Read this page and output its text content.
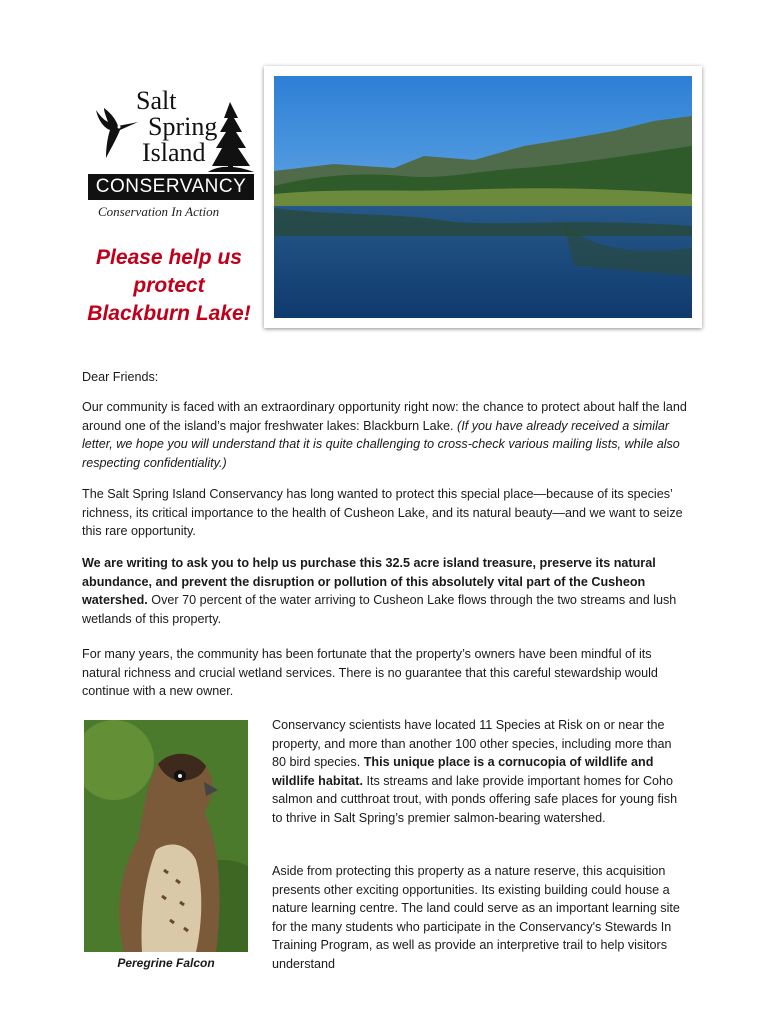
Salt
Spring
Island
CONSERVANCY
Conservation In Action
Please help us
protect
Blackburn Lake!

Dear Friends:

Our community is faced with an extraordinary opportunity right now: the chance to protect about half the land around one of the island’s major freshwater lakes: Blackburn Lake. (If you have already received a similar letter, we hope you will understand that it is quite challenging to cross-check various mailing lists, while also respecting confidentiality.)

The Salt Spring Island Conservancy has long wanted to protect this special place—because of its species’ richness, its critical importance to the health of Cusheon Lake, and its natural beauty—and we want to seize this rare opportunity.

We are writing to ask you to help us purchase this 32.5 acre island treasure, preserve its natural abundance, and prevent the disruption or pollution of this absolutely vital part of the Cusheon watershed. Over 70 percent of the water arriving to Cusheon Lake flows through the two streams and lush wetlands of this property.

For many years, the community has been fortunate that the property’s owners have been mindful of its natural richness and crucial wetland services. There is no guarantee that this careful stewardship would continue with a new owner.

Peregrine Falcon

Conservancy scientists have located 11 Species at Risk on or near the property, and more than another 100 other species, including more than 80 bird species. This unique place is a cornucopia of wildlife and wildlife habitat. Its streams and lake provide important homes for Coho salmon and cutthroat trout, with ponds offering safe places for young fish to thrive in Salt Spring’s premier salmon-bearing watershed.

Aside from protecting this property as a nature reserve, this acquisition presents other exciting opportunities. Its existing building could house a nature learning centre. The land could serve as an important learning site for the many students who participate in the Conservancy's Stewards In Training Program, as well as provide an interpretive trail to help visitors understand
